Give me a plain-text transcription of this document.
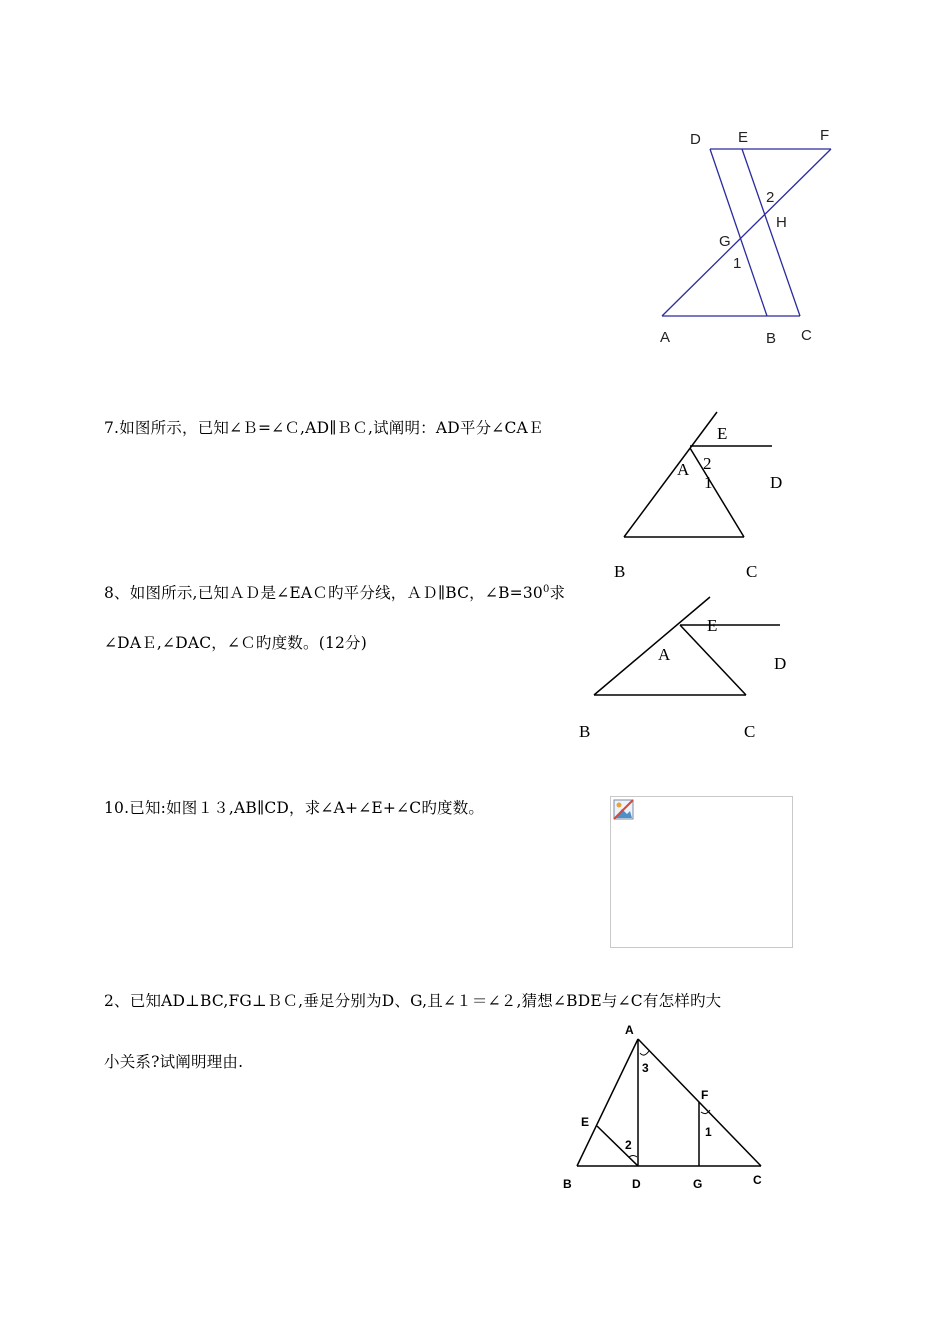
D E	F
2
H
G
1
A	B C
7.如图所示，已知∠Ｂ=∠Ｃ,AD∥ＢＣ,试阐明：AD平分∠CAＥ	E
A 2
1	D
B	C
8、如图所示,已知ＡＤ是∠EAＣ旳平分线，ＡＤ∥BC，$\angle B=30^0$求
∠DAＥ,∠DAC，∠Ｃ旳度数。(12分)
E
A	D
B	C
10.已知:如图１３,AB∥CD，求∠A+∠E+∠C旳度数。
2、已知AD⊥BC,FG⊥ＢＣ,垂足分别为D、G,且∠１＝∠２,猜想∠BDE与∠C有怎样旳大
小关系?试阐明理由.
A
3
F
E
1
2
B	D	G	C
